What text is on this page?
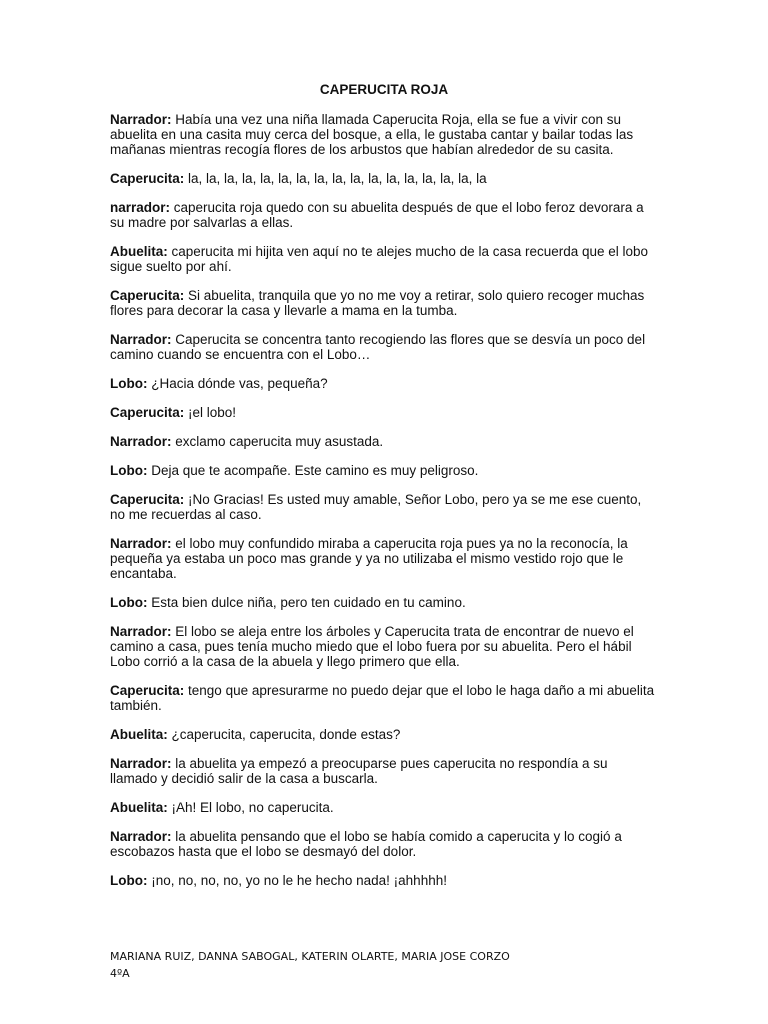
CAPERUCITA ROJA

Narrador: Había una vez una niña llamada Caperucita Roja, ella se fue a vivir con su
abuelita en una casita muy cerca del bosque, a ella, le gustaba cantar y bailar todas las
mañanas mientras recogía flores de los arbustos que habían alrededor de su casita.

Caperucita: la, la, la, la, la, la, la, la, la, la, la, la, la, la, la, la, la

narrador: caperucita roja quedo con su abuelita después de que el lobo feroz devorara a
su madre por salvarlas a ellas.

Abuelita: caperucita mi hijita ven aquí no te alejes mucho de la casa recuerda que el lobo
sigue suelto por ahí.

Caperucita: Si abuelita, tranquila que yo no me voy a retirar, solo quiero recoger muchas
flores para decorar la casa y llevarle a mama en la tumba.

Narrador: Caperucita se concentra tanto recogiendo las flores que se desvía un poco del
camino cuando se encuentra con el Lobo…

Lobo: ¿Hacia dónde vas, pequeña?

Caperucita: ¡el lobo!

Narrador: exclamo caperucita muy asustada.

Lobo: Deja que te acompañe. Este camino es muy peligroso.

Caperucita: ¡No Gracias! Es usted muy amable, Señor Lobo, pero ya se me ese cuento,
no me recuerdas al caso.

Narrador: el lobo muy confundido miraba a caperucita roja pues ya no la reconocía, la
pequeña ya estaba un poco mas grande y ya no utilizaba el mismo vestido rojo que le
encantaba.

Lobo: Esta bien dulce niña, pero ten cuidado en tu camino.

Narrador: El lobo se aleja entre los árboles y Caperucita trata de encontrar de nuevo el
camino a casa, pues tenía mucho miedo que el lobo fuera por su abuelita. Pero el hábil
Lobo corrió a la casa de la abuela y llego primero que ella.

Caperucita: tengo que apresurarme no puedo dejar que el lobo le haga daño a mi abuelita
también.

Abuelita: ¿caperucita, caperucita, donde estas?

Narrador: la abuelita ya empezó a preocuparse pues caperucita no respondía a su
llamado y decidió salir de la casa a buscarla.

Abuelita: ¡Ah! El lobo, no caperucita.

Narrador: la abuelita pensando que el lobo se había comido a caperucita y lo cogió a
escobazos hasta que el lobo se desmayó del dolor.

Lobo: ¡no, no, no, no, yo no le he hecho nada! ¡ahhhhh!

MARIANA RUIZ, DANNA SABOGAL, KATERIN OLARTE, MARIA JOSE CORZO
4ºA
